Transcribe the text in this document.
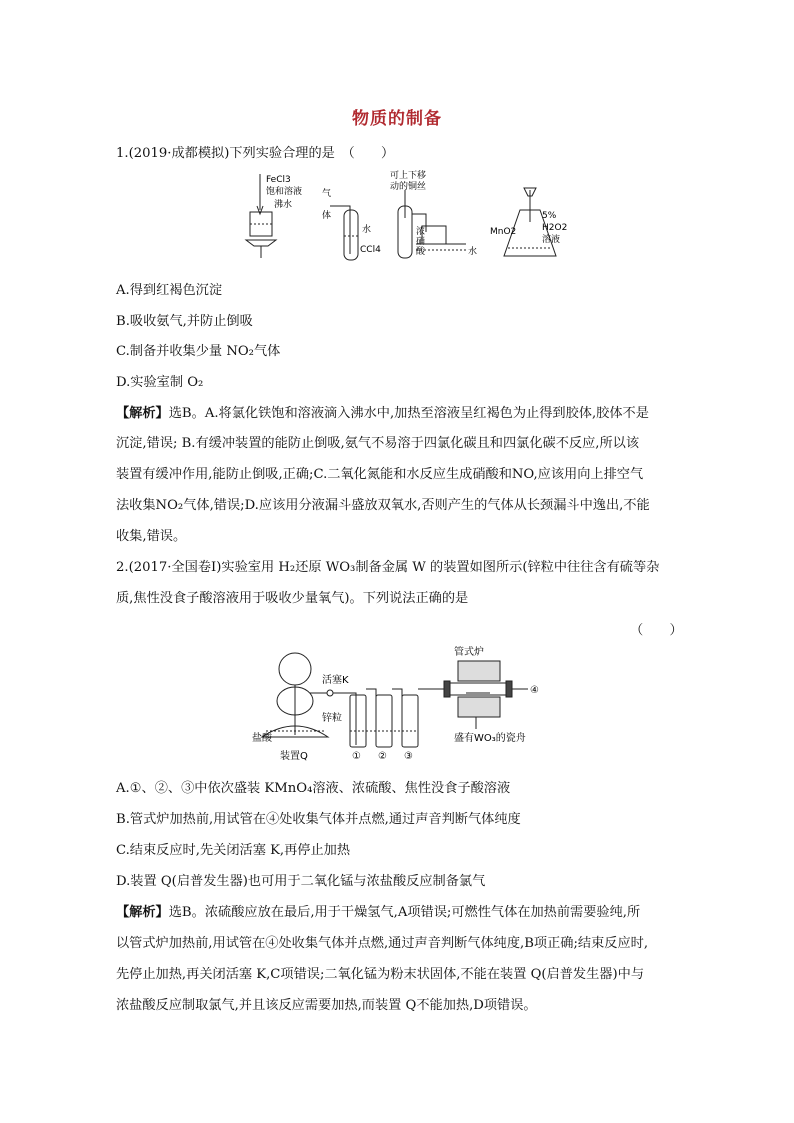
物质的制备
1.(2019·成都模拟)下列实验合理的是　（　　）
FeCl3
饱和溶液
沸水
气
体
水
CCl4
可上下移
动的铜丝
浓
硝
酸	水
5%
H2O2
溶液
MnO2
A.得到红褐色沉淀
B.吸收氨气,并防止倒吸
C.制备并收集少量 NO₂气体
D.实验室制 O₂
【解析】选B。A.将氯化铁饱和溶液滴入沸水中,加热至溶液呈红褐色为止得到胶体,胶体不是
沉淀,错误; B.有缓冲装置的能防止倒吸,氨气不易溶于四氯化碳且和四氯化碳不反应,所以该
装置有缓冲作用,能防止倒吸,正确;C.二氧化氮能和水反应生成硝酸和NO,应该用向上排空气
法收集NO₂气体,错误;D.应该用分液漏斗盛放双氧水,否则产生的气体从长颈漏斗中逸出,不能
收集,错误。
2.(2017·全国卷Ⅰ)实验室用 H₂还原 WO₃制备金属 W 的装置如图所示(锌粒中往往含有硫等杂
质,焦性没食子酸溶液用于吸收少量氧气)。下列说法正确的是
（　　）
活塞K
锌粒
盐酸
装置Q	① ② ③
管式炉
④
盛有WO₃的瓷舟
A.①、②、③中依次盛装 KMnO₄溶液、浓硫酸、焦性没食子酸溶液
B.管式炉加热前,用试管在④处收集气体并点燃,通过声音判断气体纯度
C.结束反应时,先关闭活塞 K,再停止加热
D.装置 Q(启普发生器)也可用于二氧化锰与浓盐酸反应制备氯气
【解析】选B。浓硫酸应放在最后,用于干燥氢气,A项错误;可燃性气体在加热前需要验纯,所
以管式炉加热前,用试管在④处收集气体并点燃,通过声音判断气体纯度,B项正确;结束反应时,
先停止加热,再关闭活塞 K,C项错误;二氧化锰为粉末状固体,不能在装置 Q(启普发生器)中与
浓盐酸反应制取氯气,并且该反应需要加热,而装置 Q不能加热,D项错误。
